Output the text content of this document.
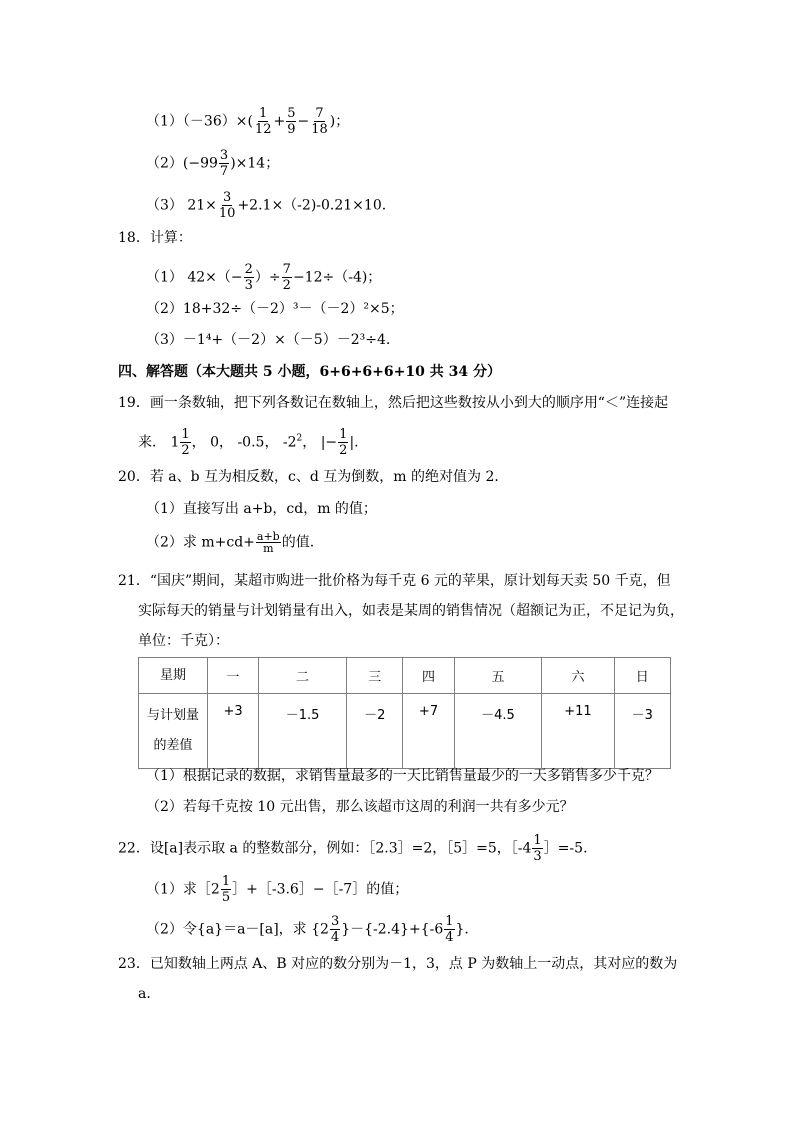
$(1)(-36)\times( \frac{1}{12} + \frac{5}{9} - \frac{7}{18}$ )；
$(2)(-99 \frac{3}{7} )\times 14$；
（3） $21\times \frac{3}{10} +2.1\times(-2)-0.21\times 10$.
18．计算：
（1） $42\times(- \frac{2}{3}$ ）÷ $\frac{7}{2} -12\div(-4)$；
（2）18+32÷（－2）³－（－2）²×5；
（3）－1⁴+（－2）×（－5）－2³÷4.
四、解答题（本大题共 5 小题，6+6+6+6+10 共 34 分）
19．画一条数轴，把下列各数记在数轴上，然后把这些数按从小到大的顺序用“＜”连接起
来． $1 \frac{1}{2}$ ， 0， -0.5， $-2^2$， |− $\frac{1}{2}$ |.
20．若 a、b 互为相反数，c、d 互为倒数，m 的绝对值为 2．
（1）直接写出 a+b，cd，m 的值；
（2）求 $m+cd+ \frac{a+b}{m}$ 的值.
21．“国庆”期间，某超市购进一批价格为每千克 6 元的苹果，原计划每天卖 50 千克，但
实际每天的销量与计划销量有出入，如表是某周的销售情况（超额记为正，不足记为负，
单位：千克）：
星期	一	二	三	四	五	六	日

与计划量
的差值	+3	－1.5	－2	+7	－4.5	+11	－3
（1）根据记录的数据，求销售量最多的一天比销售量最少的一天多销售多少千克？
（2）若每千克按 10 元出售，那么该超市这周的利润一共有多少元？
22．设[a]表示取 a 的整数部分，例如：［2.3］=2，［5］=5，［-4 $\frac{1}{3}$ ］=-5.
（1）求［2 $\frac{1}{5}$ ］+［-3.6］−［-7］的值；
（2）令{a}＝a－[a]，求 $\{2 \frac{3}{4} \}-\{-2.4\}+\{-6 \frac{1}{4}$ }.
23．已知数轴上两点 A、B 对应的数分别为－1，3，点 P 为数轴上一动点，其对应的数为
a．
